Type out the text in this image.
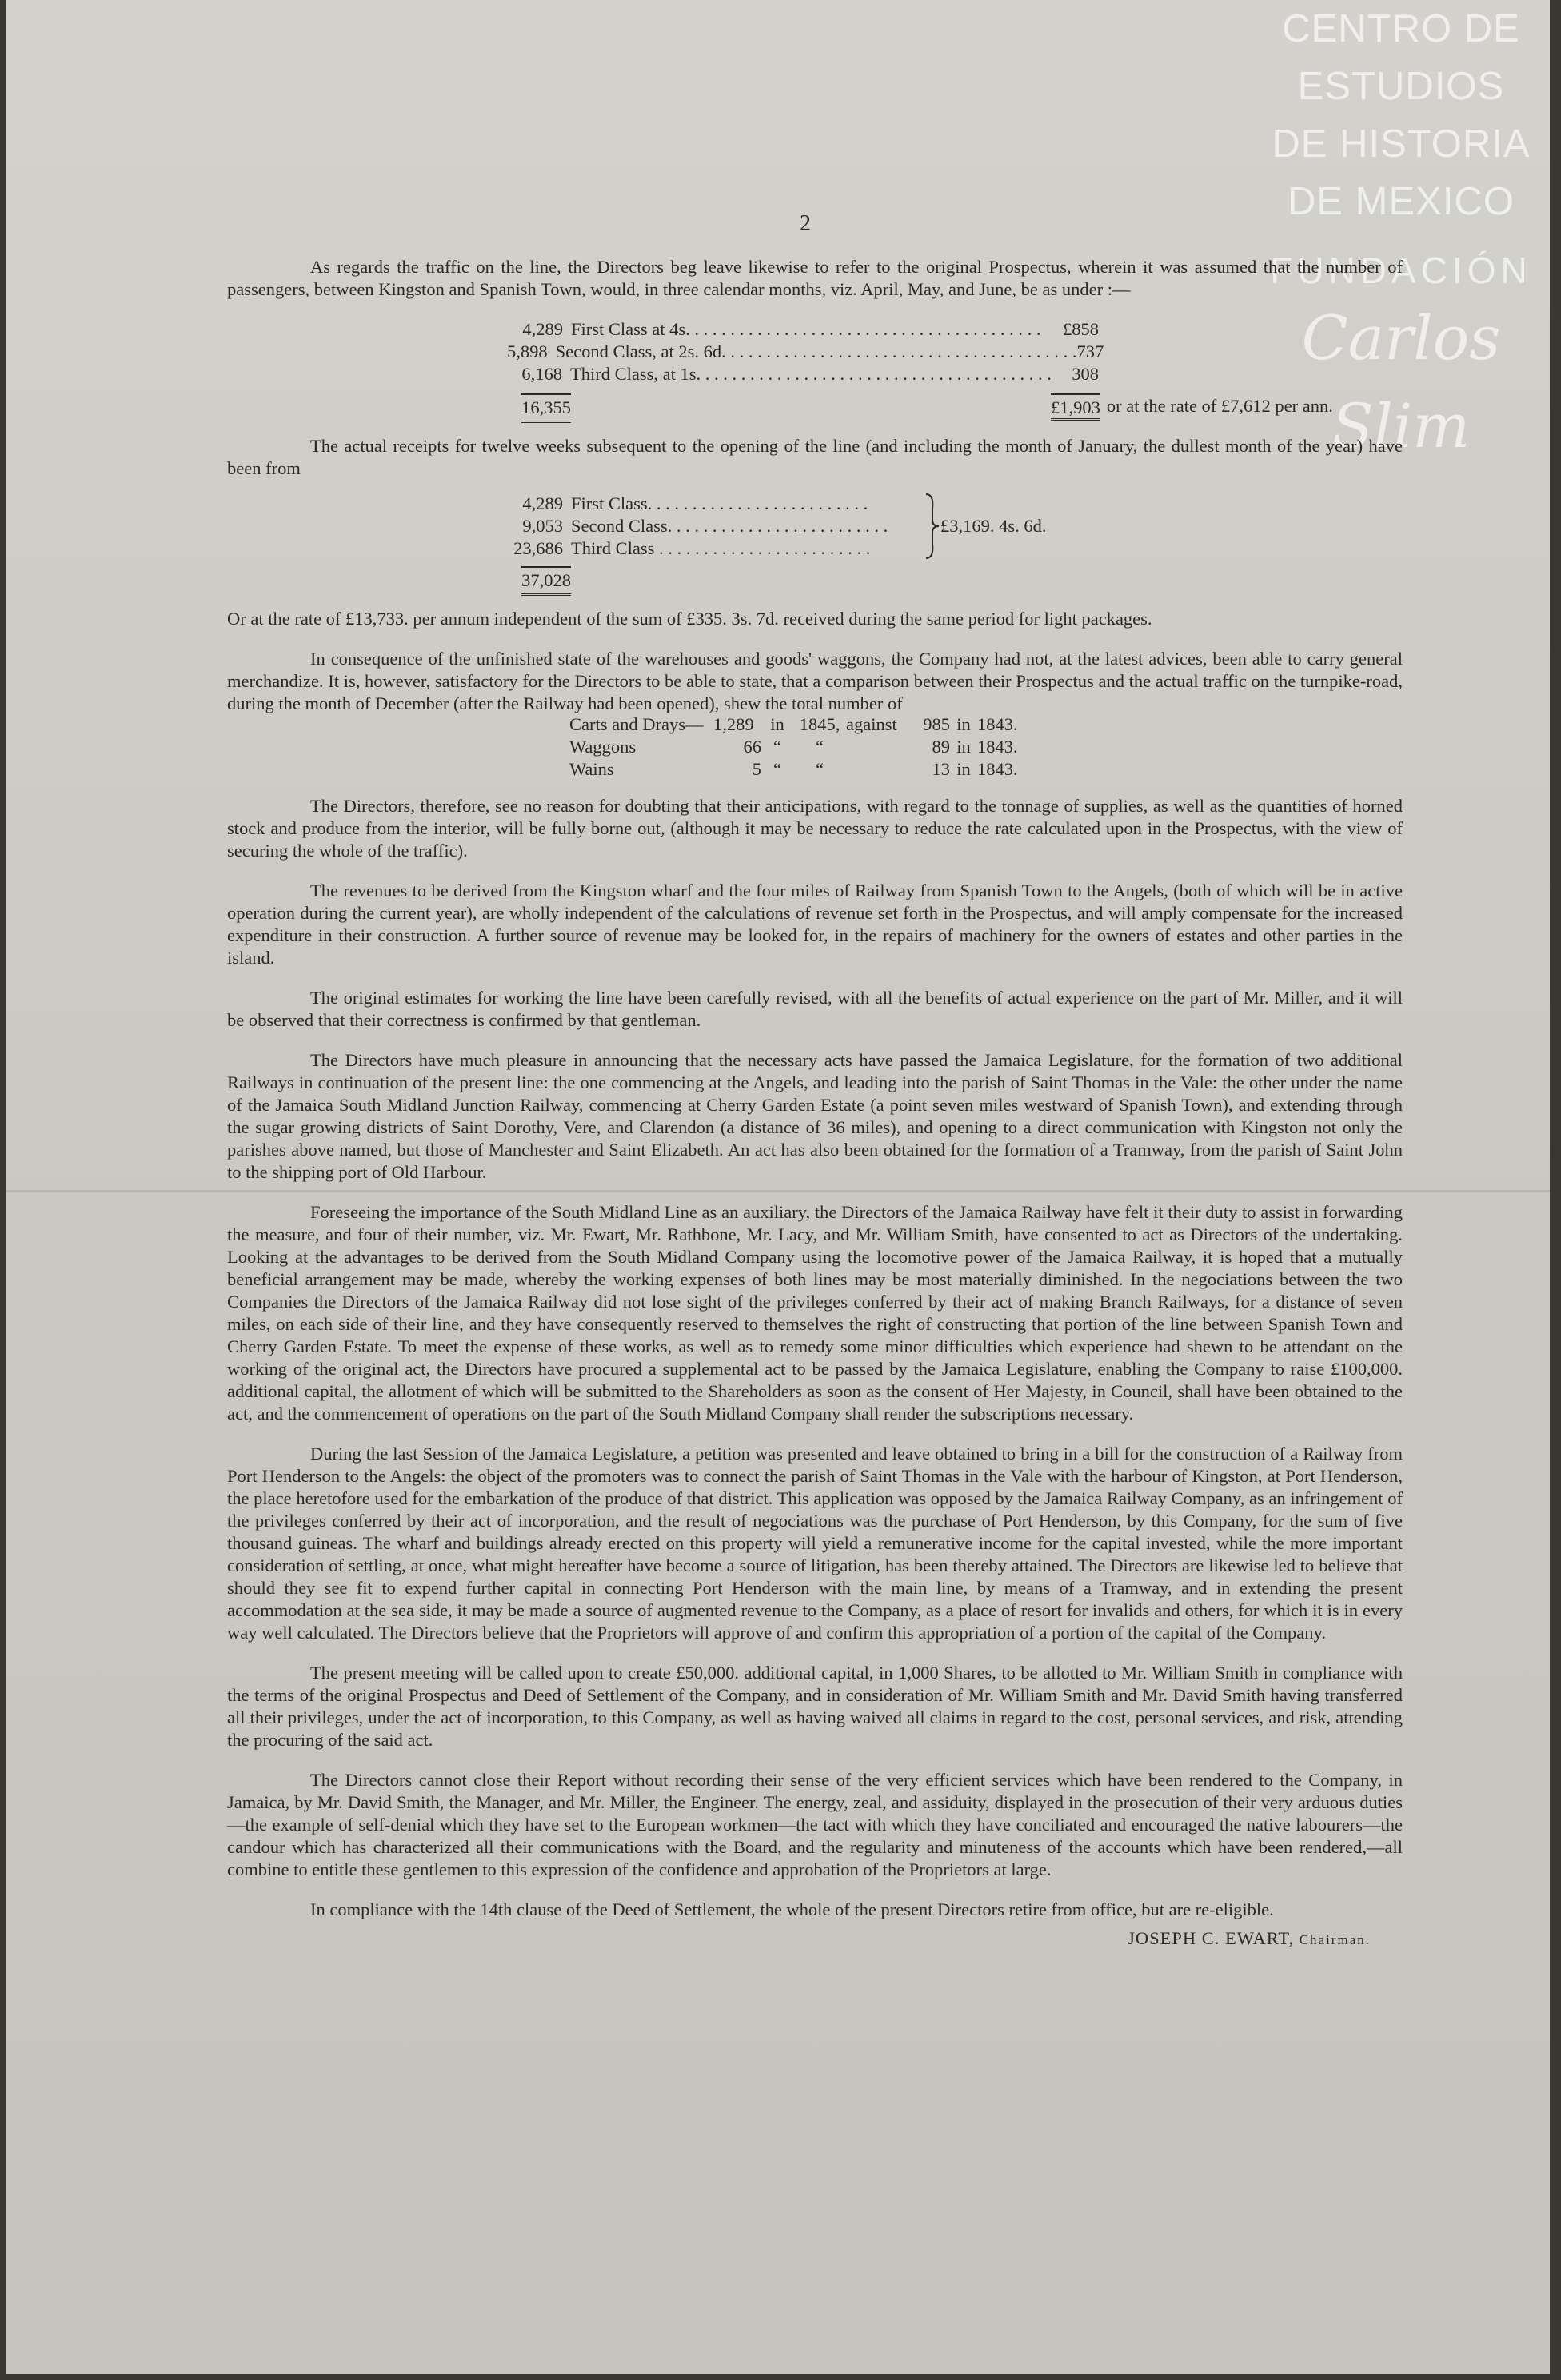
CENTRO DE
ESTUDIOS
DE HISTORIA
DE MEXICO
FUNDACIÓN
Carlos Slim
2

As regards the traffic on the line, the Directors beg leave likewise to refer to the original Prospectus, wherein it was assumed that the number of passengers, between Kingston and Spanish Town, would, in three calendar months, viz. April, May, and June, be as under :—

4,289 First Class at 4s. . . . . . . . . . . . . . . . . . . . . . . . . . . . . . . . . . . . . . . .	£858
5,898 Second Class, at 2s. 6d. . . . . . . . . . . . . . . . . . . . . . . . . . . . . . . . . . . . . . . . 737
6,168 Third Class, at 1s. . . . . . . . . . . . . . . . . . . . . . . . . . . . . . . . . . . . . . . .	308
16,355	£1,903 or at the rate of £7,612 per ann.

The actual receipts for twelve weeks subsequent to the opening of the line (and including the month of January, the dullest month of the year) have been from

4,289 First Class . . . . . . . . . . . . . . . . . . . . . . . . .
9,053 Second Class . . . . . . . . . . . . . . . . . . . . . . . . .
23,686 Third Class . . . . . . . . . . . . . . . . . . . . . . . .
£3,169. 4s. 6d.
37,028

Or at the rate of £13,733. per annum independent of the sum of £335. 3s. 7d. received during the same period for light packages.

In consequence of the unfinished state of the warehouses and goods' waggons, the Company had not, at the latest advices, been able to carry general merchandize. It is, however, satisfactory for the Directors to be able to state, that a comparison between their Prospectus and the actual traffic on the turnpike-road, during the month of December (after the Railway had been opened), shew the total number of

Carts and Drays— 1,289 in 1845, against	985 in 1843.
Waggons	66 “	“	89 in 1843.
Wains	5 “	“	13 in 1843.

The Directors, therefore, see no reason for doubting that their anticipations, with regard to the tonnage of supplies, as well as the quantities of horned stock and produce from the interior, will be fully borne out, (although it may be necessary to reduce the rate calculated upon in the Prospectus, with the view of securing the whole of the traffic).

The revenues to be derived from the Kingston wharf and the four miles of Railway from Spanish Town to the Angels, (both of which will be in active operation during the current year), are wholly independent of the calculations of revenue set forth in the Prospectus, and will amply compensate for the increased expenditure in their construction. A further source of revenue may be looked for, in the repairs of machinery for the owners of estates and other parties in the island.

The original estimates for working the line have been carefully revised, with all the benefits of actual experience on the part of Mr. Miller, and it will be observed that their correctness is confirmed by that gentleman.

The Directors have much pleasure in announcing that the necessary acts have passed the Jamaica Legislature, for the formation of two additional Railways in continuation of the present line: the one commencing at the Angels, and leading into the parish of Saint Thomas in the Vale: the other under the name of the Jamaica South Midland Junction Railway, commencing at Cherry Garden Estate (a point seven miles westward of Spanish Town), and extending through the sugar growing districts of Saint Dorothy, Vere, and Clarendon (a distance of 36 miles), and opening to a direct communication with Kingston not only the parishes above named, but those of Manchester and Saint Elizabeth. An act has also been obtained for the formation of a Tramway, from the parish of Saint John to the shipping port of Old Harbour.

Foreseeing the importance of the South Midland Line as an auxiliary, the Directors of the Jamaica Railway have felt it their duty to assist in forwarding the measure, and four of their number, viz. Mr. Ewart, Mr. Rathbone, Mr. Lacy, and Mr. William Smith, have consented to act as Directors of the undertaking. Looking at the advantages to be derived from the South Midland Company using the locomotive power of the Jamaica Railway, it is hoped that a mutually beneficial arrangement may be made, whereby the working expenses of both lines may be most materially diminished. In the negociations between the two Companies the Directors of the Jamaica Railway did not lose sight of the privileges conferred by their act of making Branch Railways, for a distance of seven miles, on each side of their line, and they have consequently reserved to themselves the right of constructing that portion of the line between Spanish Town and Cherry Garden Estate. To meet the expense of these works, as well as to remedy some minor difficulties which experience had shewn to be attendant on the working of the original act, the Directors have procured a supplemental act to be passed by the Jamaica Legislature, enabling the Company to raise £100,000. additional capital, the allotment of which will be submitted to the Shareholders as soon as the consent of Her Majesty, in Council, shall have been obtained to the act, and the commencement of operations on the part of the South Midland Company shall render the subscriptions necessary.

During the last Session of the Jamaica Legislature, a petition was presented and leave obtained to bring in a bill for the construction of a Railway from Port Henderson to the Angels: the object of the promoters was to connect the parish of Saint Thomas in the Vale with the harbour of Kingston, at Port Henderson, the place heretofore used for the embarkation of the produce of that district. This application was opposed by the Jamaica Railway Company, as an infringement of the privileges conferred by their act of incorporation, and the result of negociations was the purchase of Port Henderson, by this Company, for the sum of five thousand guineas. The wharf and buildings already erected on this property will yield a remunerative income for the capital invested, while the more important consideration of settling, at once, what might hereafter have become a source of litigation, has been thereby attained. The Directors are likewise led to believe that should they see fit to expend further capital in connecting Port Henderson with the main line, by means of a Tramway, and in extending the present accommodation at the sea side, it may be made a source of augmented revenue to the Company, as a place of resort for invalids and others, for which it is in every way well calculated. The Directors believe that the Proprietors will approve of and confirm this appropriation of a portion of the capital of the Company.

The present meeting will be called upon to create £50,000. additional capital, in 1,000 Shares, to be allotted to Mr. William Smith in compliance with the terms of the original Prospectus and Deed of Settlement of the Company, and in consideration of Mr. William Smith and Mr. David Smith having transferred all their privileges, under the act of incorporation, to this Company, as well as having waived all claims in regard to the cost, personal services, and risk, attending the procuring of the said act.

The Directors cannot close their Report without recording their sense of the very efficient services which have been rendered to the Company, in Jamaica, by Mr. David Smith, the Manager, and Mr. Miller, the Engineer. The energy, zeal, and assiduity, displayed in the prosecution of their very arduous duties—the example of self-denial which they have set to the European workmen—the tact with which they have conciliated and encouraged the native labourers—the candour which has characterized all their communications with the Board, and the regularity and minuteness of the accounts which have been rendered,—all combine to entitle these gentlemen to this expression of the confidence and approbation of the Proprietors at large.

In compliance with the 14th clause of the Deed of Settlement, the whole of the present Directors retire from office, but are re-eligible.

JOSEPH C. EWART, Chairman.
